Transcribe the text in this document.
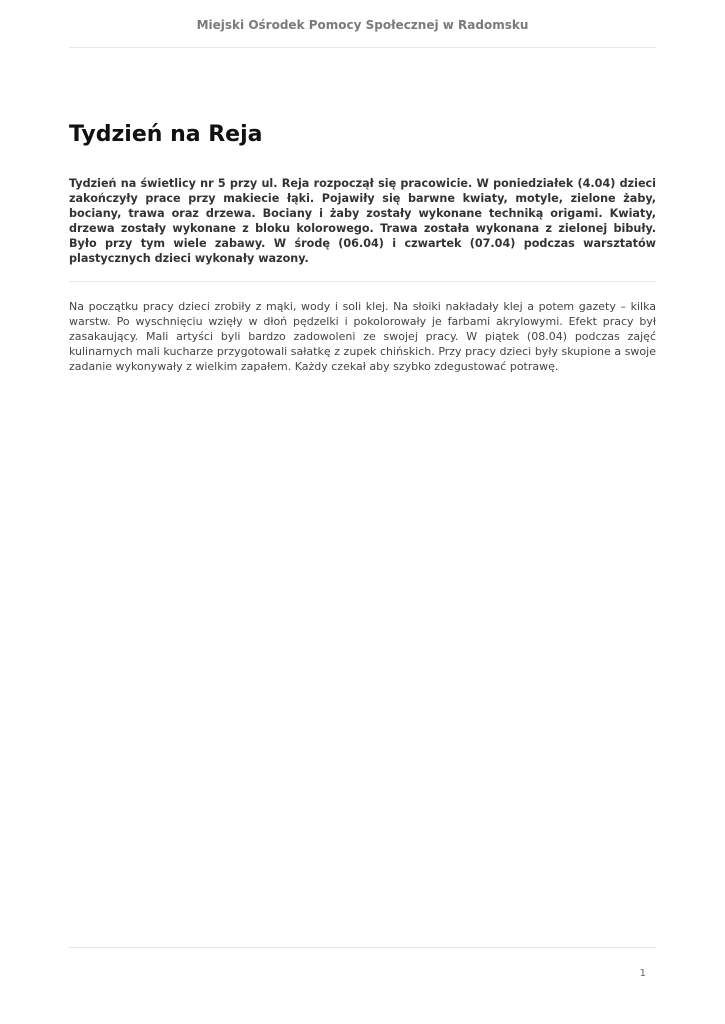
Miejski Ośrodek Pomocy Społecznej w Radomsku
Tydzień na Reja

Tydzień na świetlicy nr 5 przy ul. Reja rozpoczął się pracowicie. W poniedziałek (4.04) dzieci zakończyły prace przy makiecie łąki. Pojawiły się barwne kwiaty, motyle, zielone żaby, bociany, trawa oraz drzewa. Bociany i żaby zostały wykonane techniką origami. Kwiaty, drzewa zostały wykonane z bloku kolorowego. Trawa została wykonana z zielonej bibuły. Było przy tym wiele zabawy. W środę (06.04) i czwartek (07.04) podczas warsztatów plastycznych dzieci wykonały wazony.

Na początku pracy dzieci zrobiły z mąki, wody i soli klej. Na słoiki nakładały klej a potem gazety – kilka warstw. Po wyschnięciu wzięły w dłoń pędzelki i pokolorowały je farbami akrylowymi. Efekt pracy był zasakaujący. Mali artyści byli bardzo zadowoleni ze swojej pracy. W piątek (08.04) podczas zajęć kulinarnych mali kucharze przygotowali sałatkę z zupek chińskich. Przy pracy dzieci były skupione a swoje zadanie wykonywały z wielkim zapałem. Każdy czekał aby szybko zdegustować potrawę.

1
